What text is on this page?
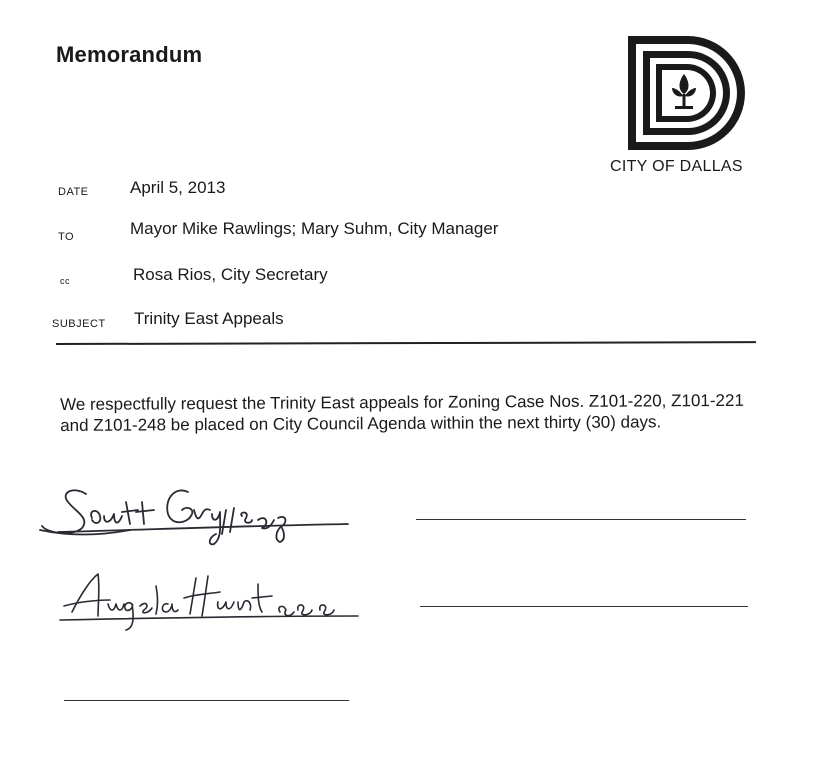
Memorandum
CITY OF DALLAS
DATE April 5, 2013
TO	Mayor Mike Rawlings; Mary Suhm, City Manager
cc	Rosa Rios, City Secretary
SUBJECT Trinity East Appeals
We respectfully request the Trinity East appeals for Zoning Case Nos. Z101-220, Z101-221 and Z101-248 be placed on City Council Agenda within the next thirty (30) days.
